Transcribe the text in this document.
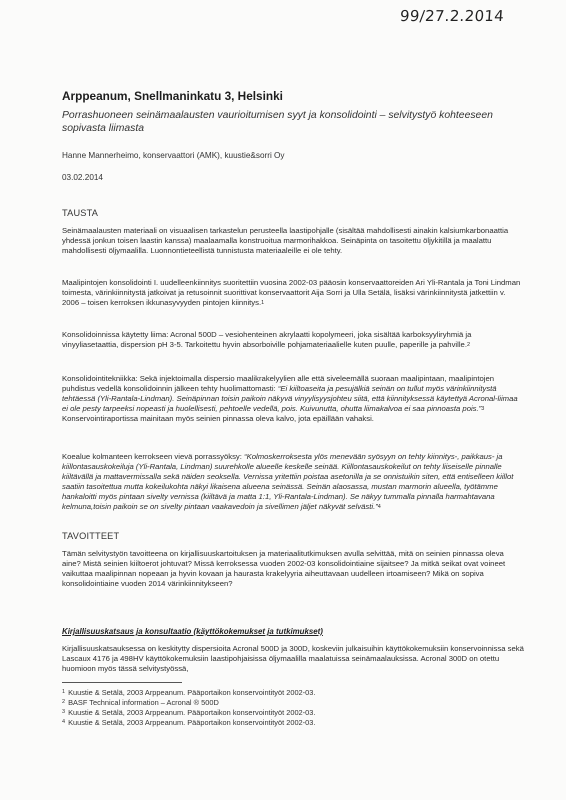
99/27.2.2014
Arppeanum, Snellmaninkatu 3, Helsinki
Porrashuoneen seinämaalausten vaurioitumisen syyt ja konsolidointi – selvitystyö kohteeseen sopivasta liimasta
Hanne Mannerheimo, konservaattori (AMK), kuustie&sorri Oy
03.02.2014
TAUSTA
Seinämaalausten materiaali on visuaalisen tarkastelun perusteella laastipohjalle (sisältää mahdollisesti ainakin kalsiumkarbonaattia yhdessä jonkun toisen laastin kanssa) maalaamalla konstruoitua marmorihakkoa. Seinäpinta on tasoitettu öljykitillä ja maalattu mahdollisesti öljymaalilla. Luonnontieteellistä tunnistusta materiaaleille ei ole tehty.
Maalipintojen konsolidointi I. uudelleenkiinnitys suoritettiin vuosina 2002-03 pääosin konservaattoreiden Ari Yli-Rantala ja Toni Lindman toimesta, värinkiinnitystä jatkoivat ja retusoinnit suorittivat konservaattorit Aija Sorri ja Ulla Setälä, lisäksi värinkiinnitystä jatkettiin v. 2006 – toisen kerroksen ikkunasyvyyden pintojen kiinnitys.$^1$
Konsolidoinnissa käytetty liima: Acronal 500D – vesiohenteinen akrylaatti kopolymeeri, joka sisältää karboksyyliryhmiä ja vinyyliasetaattia, dispersion pH 3-5. Tarkoitettu hyvin absorboiville pohjamateriaalielle kuten puulle, paperille ja pahville.$^2$
Konsolidointitekniikka: Sekä injektoimalla dispersio maalikrakelyylien alle että siveleemällä suoraan maalipintaan, maalipintojen puhdistus vedellä konsolidoinnin jälkeen tehty huolimattomasti: “Ei kiiltoaseita ja pesujälkiä seinän on tullut myös värinkiinnitystä tehtäessä (Yli-Rantala-Lindman). Seinäpinnan toisin paikoin näkyvä vinyylisyysjohteu siitä, että kiinnityksessä käytettyä Acronal-liimaa ei ole pesty tarpeeksi nopeasti ja huolellisesti, pehtoelle vedellä, pois. Kuivunutta, ohutta liimakalvoa ei saa pinnoasta pois.”$^3$ Konservointiraportissa mainitaan myös seinien pinnassa oleva kalvo, jota epäillään vahaksi.
Koealue kolmanteen kerrokseen vievä porrassyöksy: “Kolmoskerroksesta ylös menevään syösyyn on tehty kiinnitys-, paikkaus- ja kiillontasauskokeiluja (Yli-Rantala, Lindman) suurehkolle alueelle keskelle seinää. Kiillontasauskokeilut on tehty liiseiselle pinnalle kiiltävällä ja mattavermissalla sekä näiden seoksella. Vernissa yritettiin poistaa asetonilla ja se onnistuikin siten, että entiselleen kiillot saatiin tasoitettua mutta kokeilukohta näkyi likaisena alueena seinässä. Seinän alaosassa, mustan marmorin alueella, työtämme hankaloitti myös pintaan sivelty vernissa (kiiltävä ja matta 1:1, Yli-Rantala-Lindman). Se näkyy tummalla pinnalla harmahtavana kelmuna,toisin paikoin se on sivelty pintaan vaakavedoin ja sivellimen jäljet näkyvät selvästi.”$^4$
TAVOITTEET
Tämän selvitystyön tavoitteena on kirjallisuuskartoituksen ja materiaalitutkimuksen avulla selvittää, mitä on seinien pinnassa oleva aine? Mistä seinien kiiltoerot johtuvat? Missä kerroksessa vuoden 2002-03 konsolidointiaine sijaitsee? Ja mitkä seikat ovat voineet vaikuttaa maalipinnan nopeaan ja hyvin kovaan ja haurasta krakelyyria aiheuttavaan uudelleen irtoamiseen? Mikä on sopiva konsolidointiaine vuoden 2014 värinkiinnitykseen?
Kirjallisuuskatsaus ja konsultaatio (käyttökokemukset ja tutkimukset)
Kirjallisuuskatsauksessa on keskitytty dispersioita Acronal 500D ja 300D, koskeviin julkaisuihin käyttökokemuksiin konservoinnissa sekä Lascaux 4176 ja 498HV käyttökokemuksiin laastipohjaisissa öljymaalilla maalatuissa seinämaalauksissa. Acronal 300D on otettu huomioon myös tässä selvitystyössä,
$^1$ Kuustie & Setälä, 2003 Arppeanum. Pääportaikon konservointityöt 2002-03.
$^2$ BASF Technical information – Acronal ® 500D
$^3$ Kuustie & Setälä, 2003 Arppeanum. Pääportaikon konservointityöt 2002-03.
$^4$ Kuustie & Setälä, 2003 Arppeanum. Pääportaikon konservointityöt 2002-03.
